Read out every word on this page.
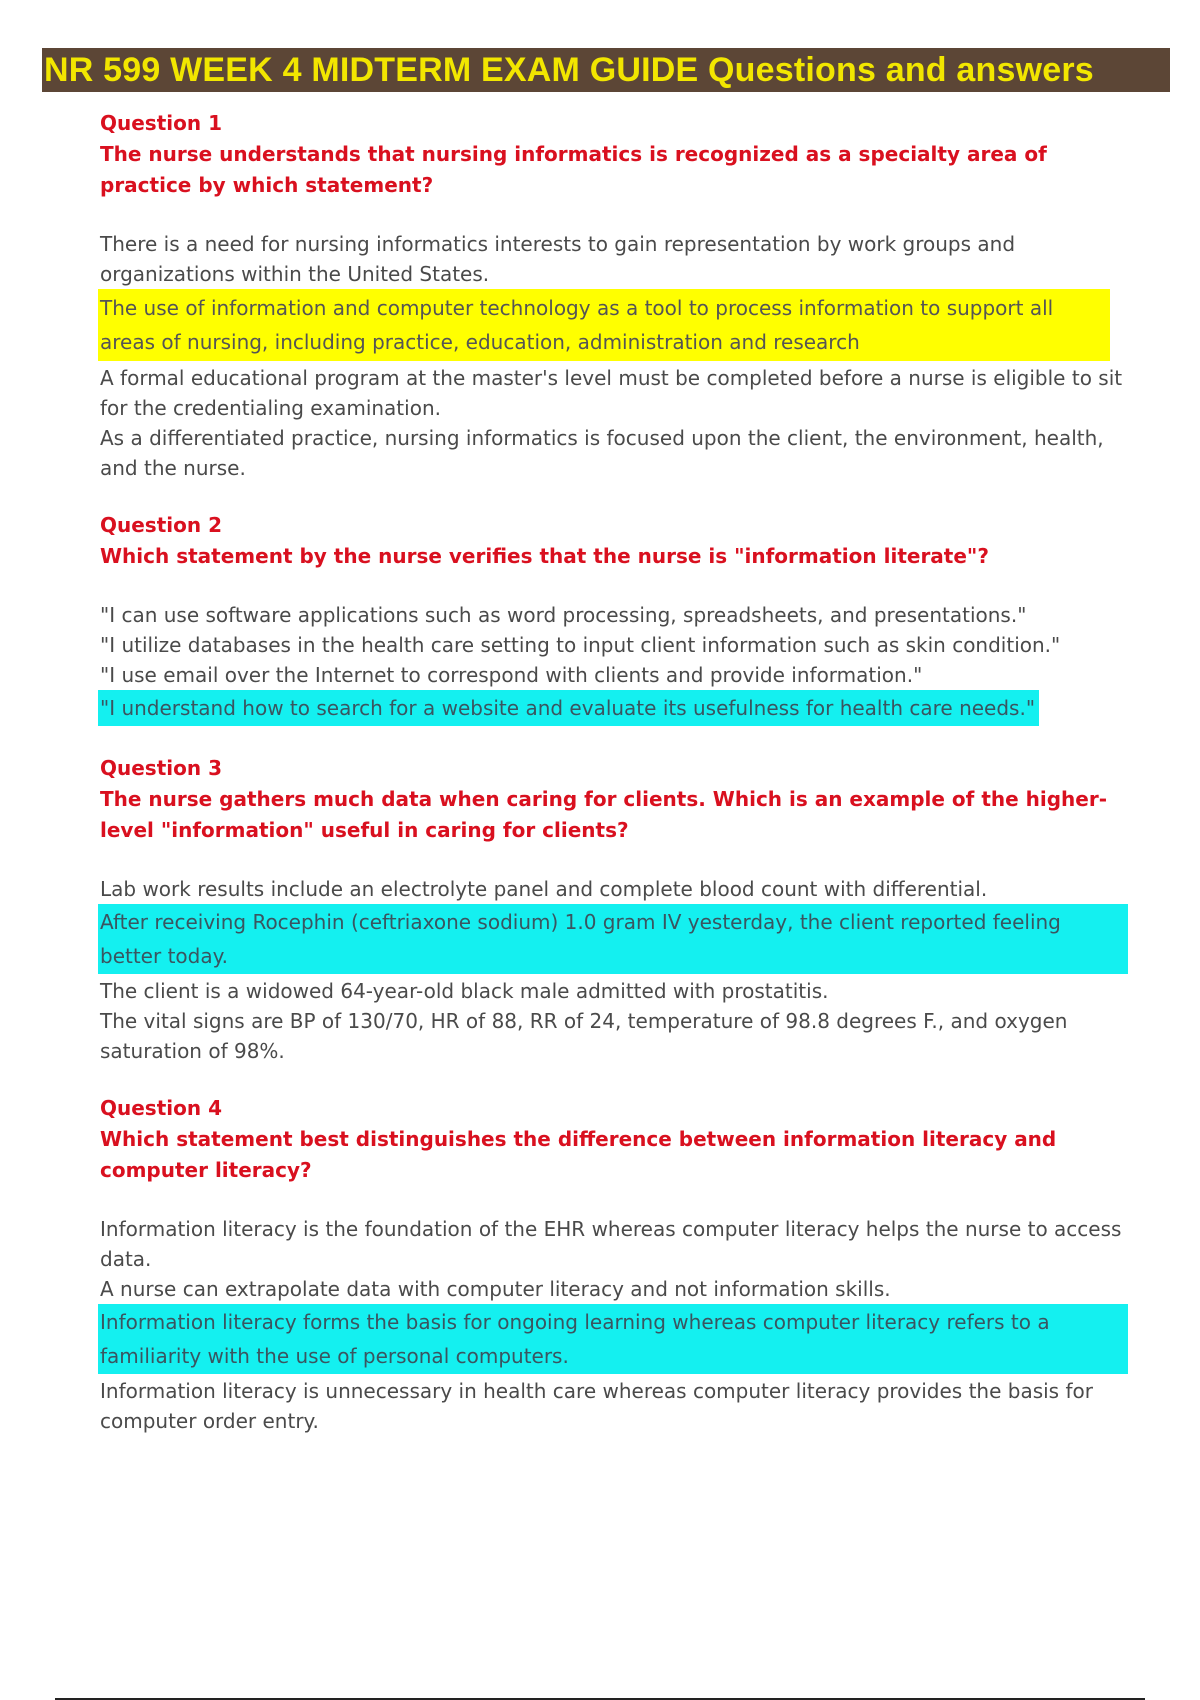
NR 599 WEEK 4 MIDTERM EXAM GUIDE Questions and answers

Question 1

The nurse understands that nursing informatics is recognized as a specialty area of practice by which statement?

There is a need for nursing informatics interests to gain representation by work groups and organizations within the United States.

The use of information and computer technology as a tool to process information to support all areas of nursing, including practice, education, administration and research

A formal educational program at the master's level must be completed before a nurse is eligible to sit for the credentialing examination.

As a differentiated practice, nursing informatics is focused upon the client, the environment, health, and the nurse.

Question 2

Which statement by the nurse verifies that the nurse is "information literate"?

"I can use software applications such as word processing, spreadsheets, and presentations."

"I utilize databases in the health care setting to input client information such as skin condition."

"I use email over the Internet to correspond with clients and provide information."

"I understand how to search for a website and evaluate its usefulness for health care needs."

Question 3

The nurse gathers much data when caring for clients. Which is an example of the higher-level "information" useful in caring for clients?

Lab work results include an electrolyte panel and complete blood count with differential.

After receiving Rocephin (ceftriaxone sodium) 1.0 gram IV yesterday, the client reported feeling better today.

The client is a widowed 64-year-old black male admitted with prostatitis.

The vital signs are BP of 130/70, HR of 88, RR of 24, temperature of 98.8 degrees F., and oxygen saturation of 98%.

Question 4

Which statement best distinguishes the difference between information literacy and computer literacy?

Information literacy is the foundation of the EHR whereas computer literacy helps the nurse to access data.

A nurse can extrapolate data with computer literacy and not information skills.

Information literacy forms the basis for ongoing learning whereas computer literacy refers to a familiarity with the use of personal computers.

Information literacy is unnecessary in health care whereas computer literacy provides the basis for computer order entry.
